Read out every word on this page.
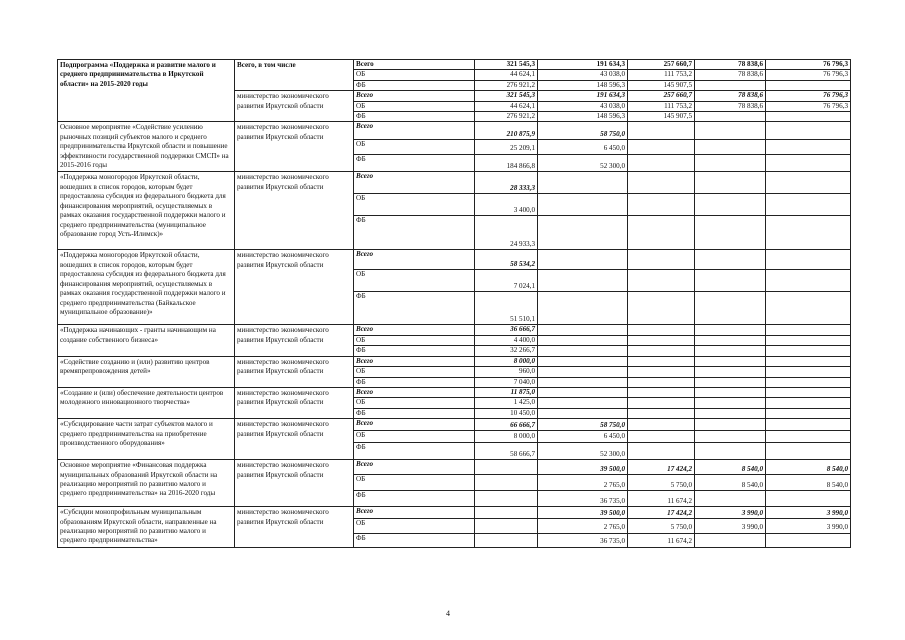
Подпрограмма «Поддержка и развитие малого и среднего предпринимательства в Иркутской области» на 2015-2020 годы	Всего, в том числе	Всего	321 545,3	191 634,3	257 660,7	78 838,6	76 796,3	
		ОБ	44 624,1	43 038,0	111 753,2	78 838,6	76 796,3	
		ФБ	276 921,2	148 596,3	145 907,5			
	министерство экономического развития Иркутской области	Всего	321 545,3	191 634,3	257 660,7	78 838,6	76 796,3	
		ОБ	44 624,1	43 038,0	111 753,2	78 838,6	76 796,3	
		ФБ	276 921,2	148 596,3	145 907,5			
Основное мероприятие «Содействие усилению рыночных позиций субъектов малого и среднего предпринимательства Иркутской области и повышение эффективности государственной поддержки СМСП» на 2015-2016 годы	министерство экономического развития Иркутской области	Всего	210 875,9	58 750,0				
		ОБ	25 209,1	6 450,0				
		ФБ	184 866,8	52 300,0				
«Поддержка моногородов Иркутской области, вошедших в список городов, которым будет предоставлена субсидия из федерального бюджета для финансирования мероприятий, осуществляемых в рамках оказания государственной поддержки малого и среднего предпринимательства (муниципальное образование город Усть-Илимск)»	министерство экономического развития Иркутской области	Всего	28 333,3					
		ОБ	3 400,0					
		ФБ	24 933,3					
«Поддержка моногородов Иркутской области, вошедших в список городов, которым будет предоставлена субсидия из федерального бюджета для финансирования мероприятий, осуществляемых в рамках оказания государственной поддержки малого и среднего предпринимательства (Байкальское муниципальное образование)»	министерство экономического развития Иркутской области	Всего	58 534,2					
		ОБ	7 024,1					
		ФБ	51 510,1					
«Поддержка начинающих - гранты начинающим на создание собственного бизнеса»	министерство экономического развития Иркутской области	Всего	36 666,7					
		ОБ	4 400,0					
		ФБ	32 266,7					
«Содействие созданию и (или) развитию центров времяпрепровождения детей»	министерство экономического развития Иркутской области	Всего	8 000,0					
		ОБ	960,0					
		ФБ	7 040,0					
«Создание и (или) обеспечение деятельности центров молодежного инновационного творчества»	министерство экономического развития Иркутской области	Всего	11 875,0					
		ОБ	1 425,0					
		ФБ	10 450,0					
«Субсидирование части затрат субъектов малого и среднего предпринимательства на приобретение производственного оборудования»	министерство экономического развития Иркутской области	Всего	66 666,7	58 750,0				
		ОБ	8 000,0	6 450,0				
		ФБ	58 666,7	52 300,0				
Основное мероприятие «Финансовая поддержка муниципальных образований Иркутской области на реализацию мероприятий по развитию малого и среднего предпринимательства» на 2016-2020 годы	министерство экономического развития Иркутской области	Всего		39 500,0	17 424,2	8 540,0	8 540,0	
		ОБ		2 765,0	5 750,0	8 540,0	8 540,0	
		ФБ		36 735,0	11 674,2			
«Субсидии монопрофильным муниципальным образованиям Иркутской области, направленные на реализацию мероприятий по развитию малого и среднего предпринимательства»	министерство экономического развития Иркутской области	Всего		39 500,0	17 424,2	3 990,0	3 990,0	
		ОБ		2 765,0	5 750,0	3 990,0	3 990,0	
		ФБ		36 735,0	11 674,2			
4
